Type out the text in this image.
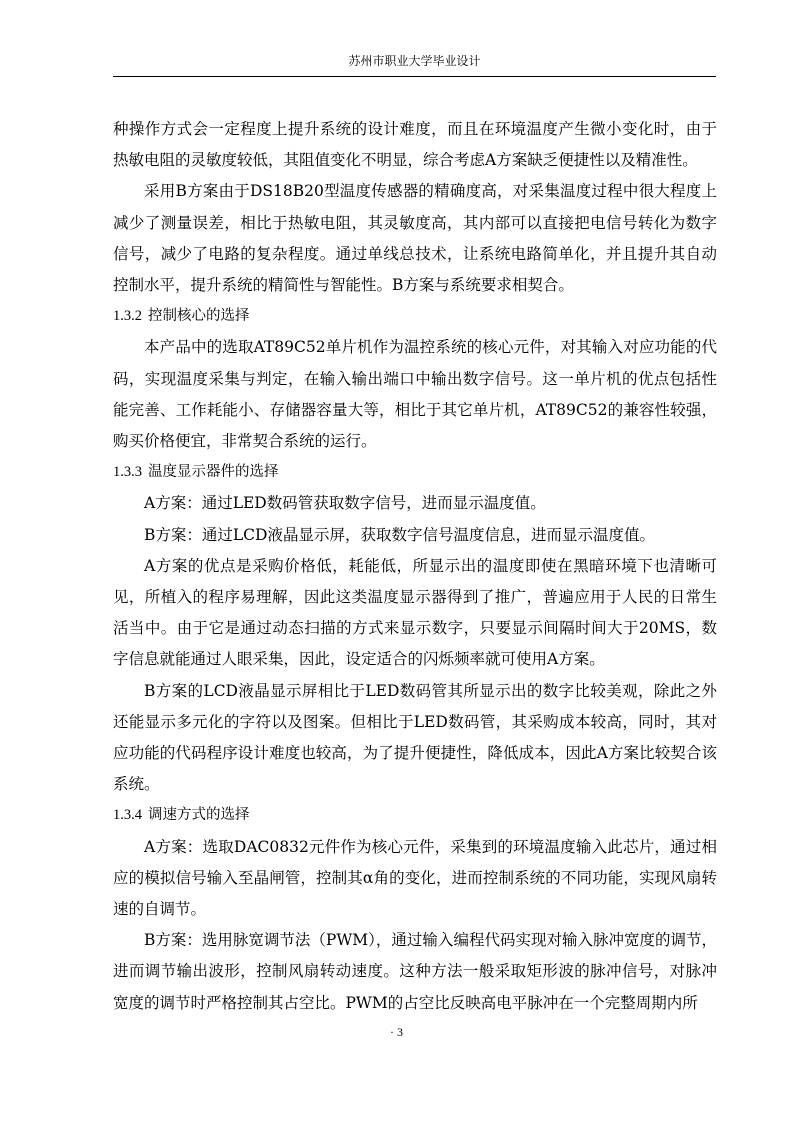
苏州市职业大学毕业设计

种操作方式会一定程度上提升系统的设计难度，而且在环境温度产生微小变化时，由于热敏电阻的灵敏度较低，其阻值变化不明显，综合考虑A方案缺乏便捷性以及精准性。

采用B方案由于DS18B20型温度传感器的精确度高，对采集温度过程中很大程度上减少了测量误差，相比于热敏电阻，其灵敏度高，其内部可以直接把电信号转化为数字信号，减少了电路的复杂程度。通过单线总技术，让系统电路简单化，并且提升其自动控制水平，提升系统的精简性与智能性。B方案与系统要求相契合。

1.3.2 控制核心的选择

本产品中的选取AT89C52单片机作为温控系统的核心元件，对其输入对应功能的代码，实现温度采集与判定，在输入输出端口中输出数字信号。这一单片机的优点包括性能完善、工作耗能小、存储器容量大等，相比于其它单片机，AT89C52的兼容性较强，购买价格便宜，非常契合系统的运行。

1.3.3 温度显示器件的选择

A方案：通过LED数码管获取数字信号，进而显示温度值。

B方案：通过LCD液晶显示屏，获取数字信号温度信息，进而显示温度值。

A方案的优点是采购价格低，耗能低，所显示出的温度即使在黑暗环境下也清晰可见，所植入的程序易理解，因此这类温度显示器得到了推广，普遍应用于人民的日常生活当中。由于它是通过动态扫描的方式来显示数字，只要显示间隔时间大于20MS，数字信息就能通过人眼采集，因此，设定适合的闪烁频率就可使用A方案。

B方案的LCD液晶显示屏相比于LED数码管其所显示出的数字比较美观，除此之外还能显示多元化的字符以及图案。但相比于LED数码管，其采购成本较高，同时，其对应功能的代码程序设计难度也较高，为了提升便捷性，降低成本，因此A方案比较契合该系统。

1.3.4 调速方式的选择

A方案：选取DAC0832元件作为核心元件，采集到的环境温度输入此芯片，通过相应的模拟信号输入至晶闸管，控制其α角的变化，进而控制系统的不同功能，实现风扇转速的自调节。

B方案：选用脉宽调节法（PWM），通过输入编程代码实现对输入脉冲宽度的调节，进而调节输出波形，控制风扇转动速度。这种方法一般采取矩形波的脉冲信号，对脉冲宽度的调节时严格控制其占空比。PWM的占空比反映高电平脉冲在一个完整周期内所

· 3
